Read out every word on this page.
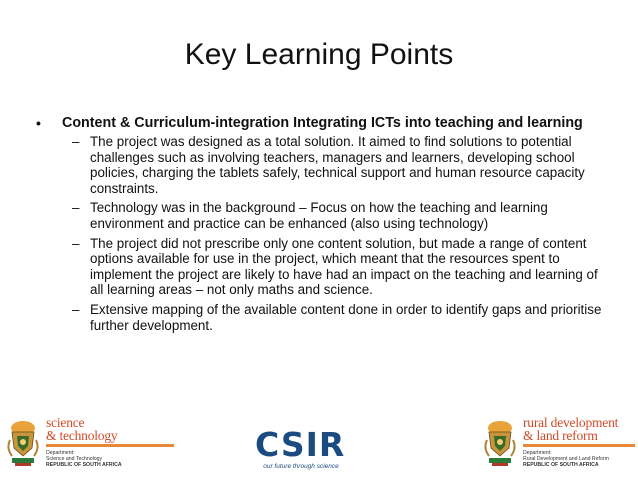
Key Learning Points
• Content & Curriculum-integration Integrating ICTs into teaching and learning
– The project was designed as a total solution. It aimed to find solutions to potential challenges such as involving teachers, managers and learners, developing school policies, charging the tablets safely, technical support and human resource capacity constraints.
– Technology was in the background – Focus on how the teaching and learning environment and practice can be enhanced (also using technology)
– The project did not prescribe only one content solution, but made a range of content options available for use in the project, which meant that the resources spent to implement the project are likely to have had an impact on the teaching and learning of all learning areas – not only maths and science.
– Extensive mapping of the available content done in order to identify gaps and prioritise further development.
science
& technology
Department:
Science and Technology
REPUBLIC OF SOUTH AFRICA
CSIR
our future through science
rural development
& land reform
Department:
Rural Development and Land Reform
REPUBLIC OF SOUTH AFRICA
